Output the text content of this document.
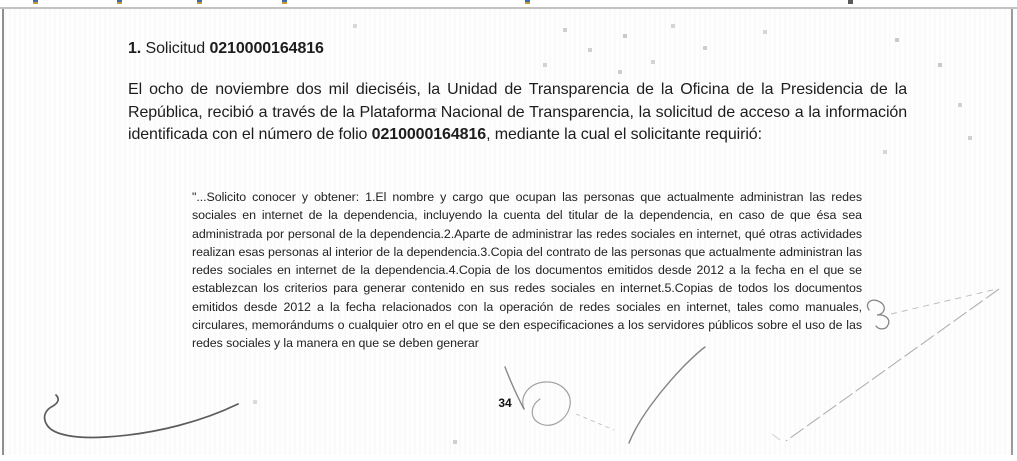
1. Solicitud 0210000164816
El ocho de noviembre dos mil dieciséis, la Unidad de Transparencia de la Oficina de la Presidencia de la República, recibió a través de la Plataforma Nacional de Transparencia, la solicitud de acceso a la información identificada con el número de folio 0210000164816, mediante la cual el solicitante requirió:
"...Solicito conocer y obtener: 1.El nombre y cargo que ocupan las personas que actualmente administran las redes sociales en internet de la dependencia, incluyendo la cuenta del titular de la dependencia, en caso de que ésa sea administrada por personal de la dependencia.2.Aparte de administrar las redes sociales en internet, qué otras actividades realizan esas personas al interior de la dependencia.3.Copia del contrato de las personas que actualmente administran las redes sociales en internet de la dependencia.4.Copia de los documentos emitidos desde 2012 a la fecha en el que se establezcan los criterios para generar contenido en sus redes sociales en internet.5.Copias de todos los documentos emitidos desde 2012 a la fecha relacionados con la operación de redes sociales en internet, tales como manuales, circulares, memorándums o cualquier otro en el que se den especificaciones a los servidores públicos sobre el uso de las redes sociales y la manera en que se deben generar
34
